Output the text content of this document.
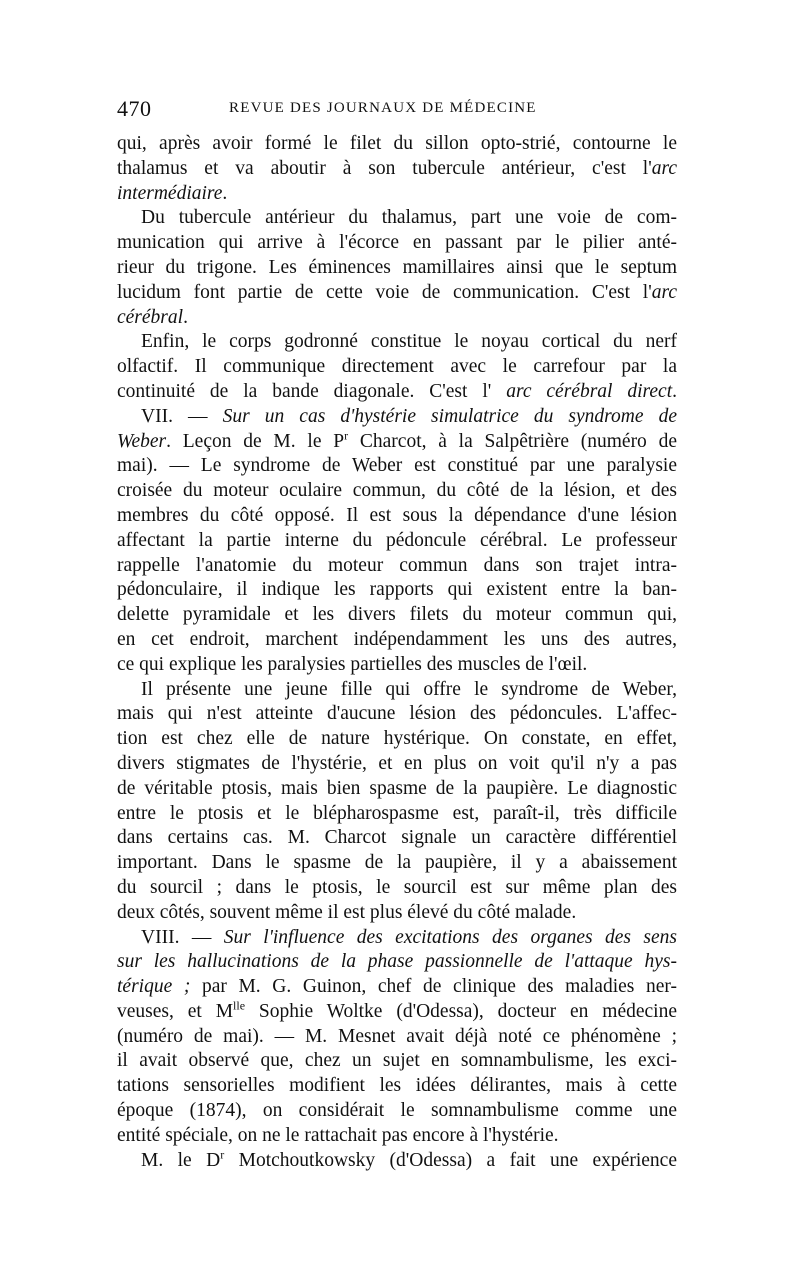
470	REVUE DES JOURNAUX DE MÉDECINE
qui, après avoir formé le filet du sillon opto-strié, contourne le
thalamus et va aboutir à son tubercule antérieur, c'est l'arc
intermédiaire.
Du tubercule antérieur du thalamus, part une voie de com-
munication qui arrive à l'écorce en passant par le pilier anté-
rieur du trigone. Les éminences mamillaires ainsi que le septum
lucidum font partie de cette voie de communication. C'est l'arc
cérébral.
Enfin, le corps godronné constitue le noyau cortical du nerf
olfactif. Il communique directement avec le carrefour par la
continuité de la bande diagonale. C'est l' arc cérébral direct.
VII. — Sur un cas d'hystérie simulatrice du syndrome de
Weber. Leçon de M. le $P^r$ Charcot, à la Salpêtrière (numéro de
mai). — Le syndrome de Weber est constitué par une paralysie
croisée du moteur oculaire commun, du côté de la lésion, et des
membres du côté opposé. Il est sous la dépendance d'une lésion
affectant la partie interne du pédoncule cérébral. Le professeur
rappelle l'anatomie du moteur commun dans son trajet intra-
pédonculaire, il indique les rapports qui existent entre la ban-
delette pyramidale et les divers filets du moteur commun qui,
en cet endroit, marchent indépendamment les uns des autres,
ce qui explique les paralysies partielles des muscles de l'œil.
Il présente une jeune fille qui offre le syndrome de Weber,
mais qui n'est atteinte d'aucune lésion des pédoncules. L'affec-
tion est chez elle de nature hystérique. On constate, en effet,
divers stigmates de l'hystérie, et en plus on voit qu'il n'y a pas
de véritable ptosis, mais bien spasme de la paupière. Le diagnostic
entre le ptosis et le blépharospasme est, paraît-il, très difficile
dans certains cas. M. Charcot signale un caractère différentiel
important. Dans le spasme de la paupière, il y a abaissement
du sourcil ; dans le ptosis, le sourcil est sur même plan des
deux côtés, souvent même il est plus élevé du côté malade.
VIII. — Sur l'influence des excitations des organes des sens
sur les hallucinations de la phase passionnelle de l'attaque hys-
térique ; par M. G. Guinon, chef de clinique des maladies ner-
veuses, et $M^{lle}$ Sophie Woltke (d'Odessa), docteur en médecine
(numéro de mai). — M. Mesnet avait déjà noté ce phénomène ;
il avait observé que, chez un sujet en somnambulisme, les exci-
tations sensorielles modifient les idées délirantes, mais à cette
époque (1874), on considérait le somnambulisme comme une
entité spéciale, on ne le rattachait pas encore à l'hystérie.
M. le $D^r$ Motchoutkowsky (d'Odessa) a fait une expérience
